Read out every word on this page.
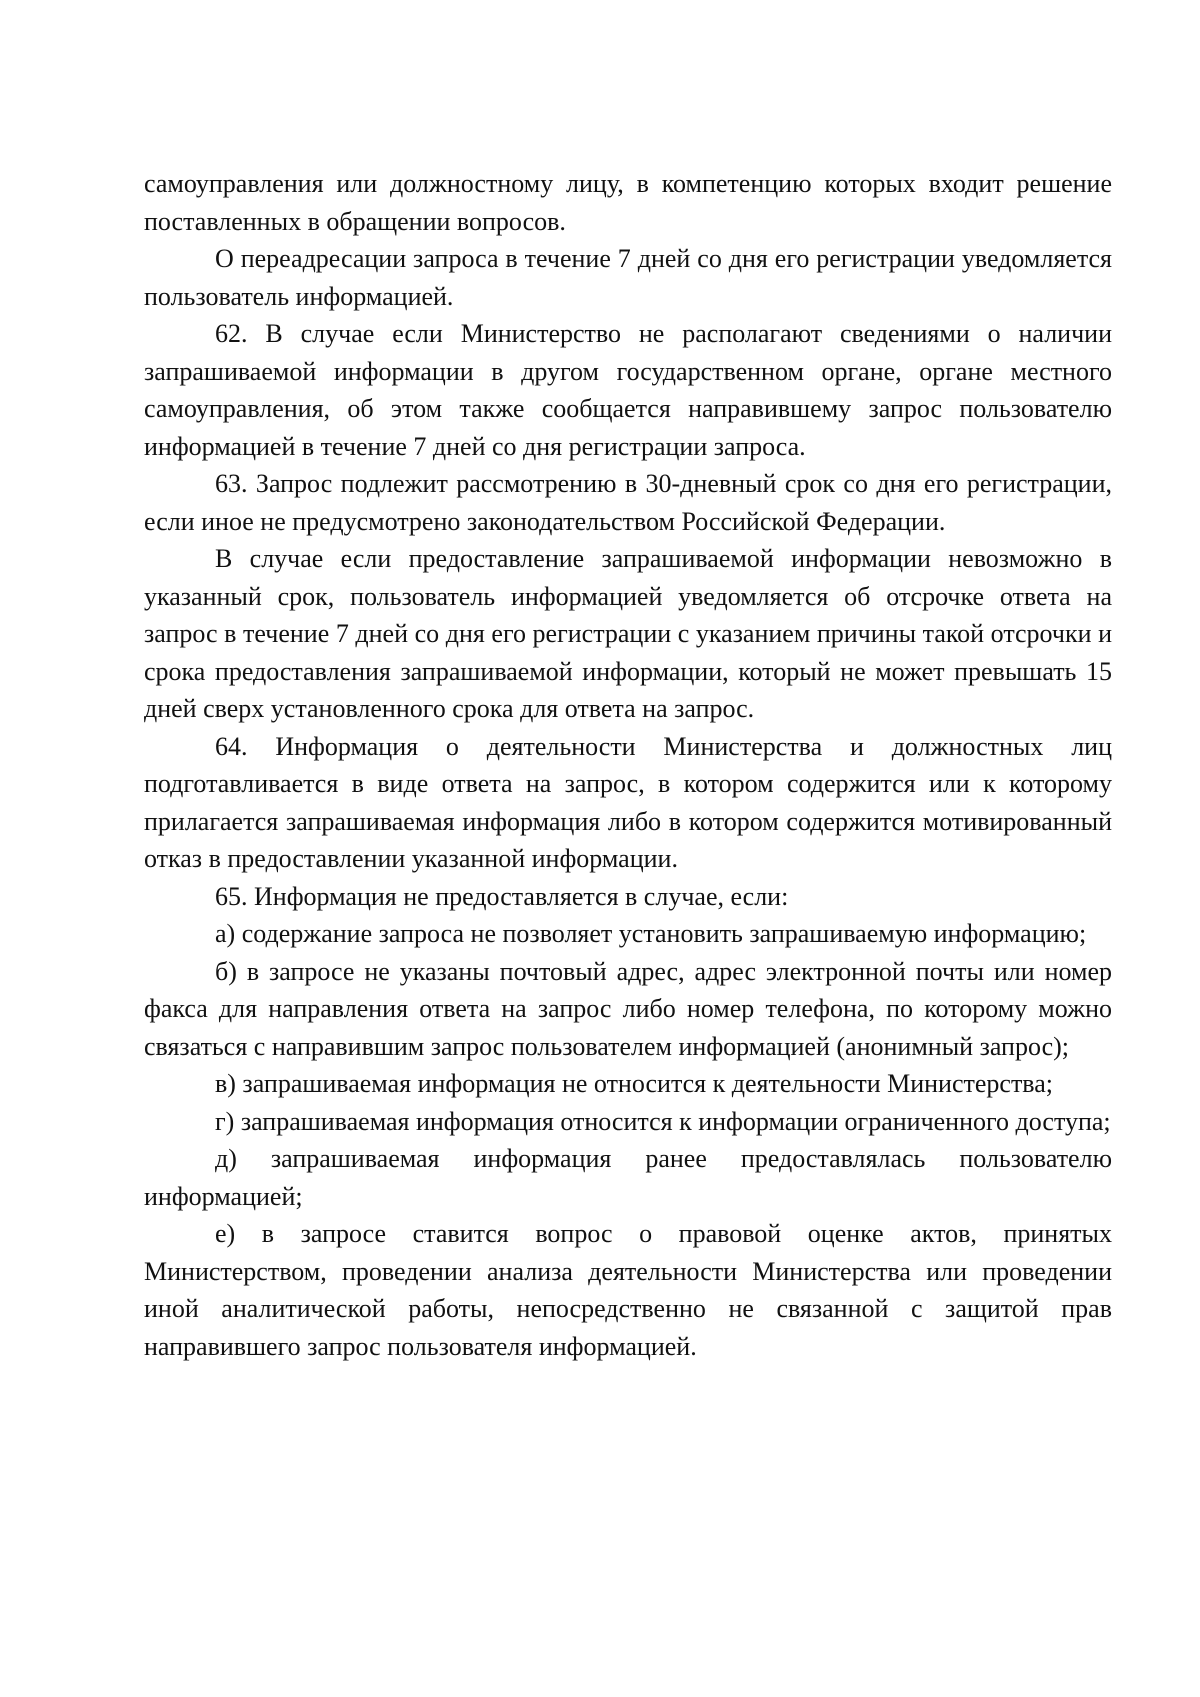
самоуправления или должностному лицу, в компетенцию которых входит решение поставленных в обращении вопросов.

О переадресации запроса в течение 7 дней со дня его регистрации уведомляется пользователь информацией.

62. В случае если Министерство не располагают сведениями о наличии запрашиваемой информации в другом государственном органе, органе местного самоуправления, об этом также сообщается направившему запрос пользователю информацией в течение 7 дней со дня регистрации запроса.

63. Запрос подлежит рассмотрению в 30-дневный срок со дня его регистрации, если иное не предусмотрено законодательством Российской Федерации.

В случае если предоставление запрашиваемой информации невозможно в указанный срок, пользователь информацией уведомляется об отсрочке ответа на запрос в течение 7 дней со дня его регистрации с указанием причины такой отсрочки и срока предоставления запрашиваемой информации, который не может превышать 15 дней сверх установленного срока для ответа на запрос.

64. Информация о деятельности Министерства и должностных лиц подготавливается в виде ответа на запрос, в котором содержится или к которому прилагается запрашиваемая информация либо в котором содержится мотивированный отказ в предоставлении указанной информации.

65. Информация не предоставляется в случае, если:

а) содержание запроса не позволяет установить запрашиваемую информацию;

б) в запросе не указаны почтовый адрес, адрес электронной почты или номер факса для направления ответа на запрос либо номер телефона, по которому можно связаться с направившим запрос пользователем информацией (анонимный запрос);

в) запрашиваемая информация не относится к деятельности Министерства;

г) запрашиваемая информация относится к информации ограниченного доступа;

д) запрашиваемая информация ранее предоставлялась пользователю информацией;

е) в запросе ставится вопрос о правовой оценке актов, принятых Министерством, проведении анализа деятельности Министерства или проведении иной аналитической работы, непосредственно не связанной с защитой прав направившего запрос пользователя информацией.
